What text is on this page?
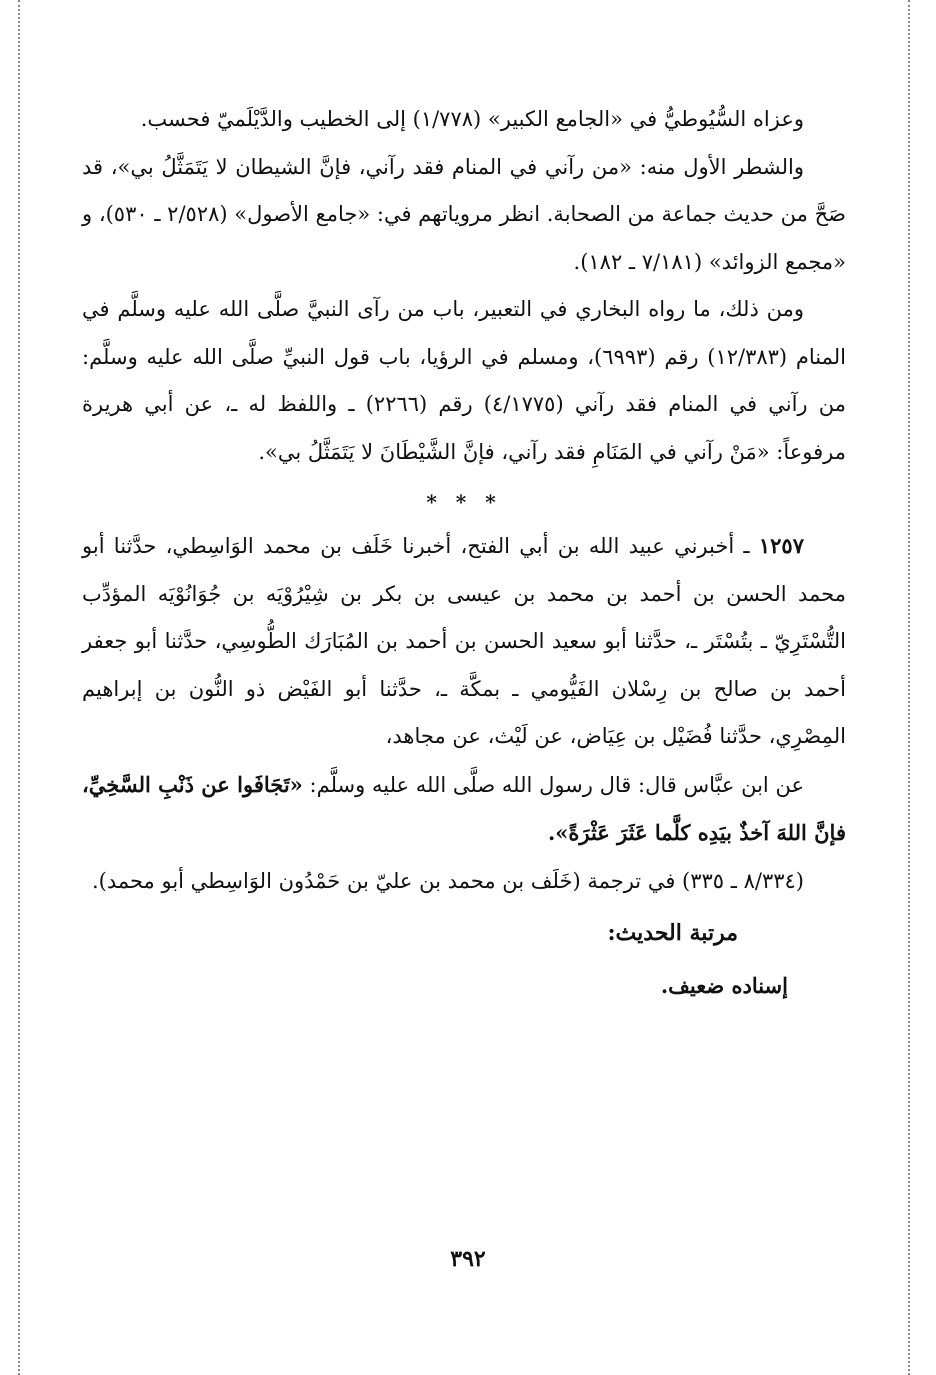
وعزاه السُّيُوطيُّ في «الجامع الكبير» (١/٧٧٨) إلى الخطيب والدَّيْلَميّ فحسب.

والشطر الأول منه: «من رآني في المنام فقد رآني، فإنَّ الشيطان لا يَتَمَثَّلُ بي»، قد صَحَّ من حديث جماعة من الصحابة. انظر مروياتهم في: «جامع الأصول» (٢/٥٢٨ ـ ٥٣٠)، و «مجمع الزوائد» (٧/١٨١ ـ ١٨٢).

ومن ذلك، ما رواه البخاري في التعبير، باب من رآى النبيَّ صلَّى الله عليه وسلَّم في المنام (١٢/٣٨٣) رقم (٦٩٩٣)، ومسلم في الرؤيا، باب قول النبيِّ صلَّى الله عليه وسلَّم: من رآني في المنام فقد رآني (٤/١٧٧٥) رقم (٢٢٦٦) ـ واللفظ له ـ، عن أبي هريرة مرفوعاً: «مَنْ رآني في المَنَامِ فقد رآني، فإنَّ الشَّيْطَانَ لا يَتَمَثَّلُ بي».

* * *

١٢٥٧ ـ أخبرني عبيد الله بن أبي الفتح، أخبرنا خَلَف بن محمد الوَاسِطي، حدَّثنا أبو محمد الحسن بن أحمد بن محمد بن عيسى بن بكر بن شِيْرُوْيَه بن جُوَانُوْيَه المؤدِّب التُّسْتَرِيّ ـ بتُسْتَر ـ، حدَّثنا أبو سعيد الحسن بن أحمد بن المُبَارَك الطُّوسِي، حدَّثنا أبو جعفر أحمد بن صالح بن رِسْلان الفَيُّومي ـ بمكَّة ـ، حدَّثنا أبو الفَيْض ذو النُّون بن إبراهيم المِصْرِي، حدَّثنا فُضَيْل بن عِيَاض، عن لَيْث، عن مجاهد،

عن ابن عبَّاس قال: قال رسول الله صلَّى الله عليه وسلَّم: «تَجَافَوا عن ذَنْبِ السَّخِيِّ، فإنَّ اللهَ آخذٌ بيَدِه كلَّما عَثَرَ عَثْرَةً».

(٨/٣٣٤ ـ ٣٣٥) في ترجمة (خَلَف بن محمد بن عليّ بن حَمْدُون الوَاسِطي أبو محمد).

مرتبة الحديث:

إسناده ضعيف.

٣٩٢
